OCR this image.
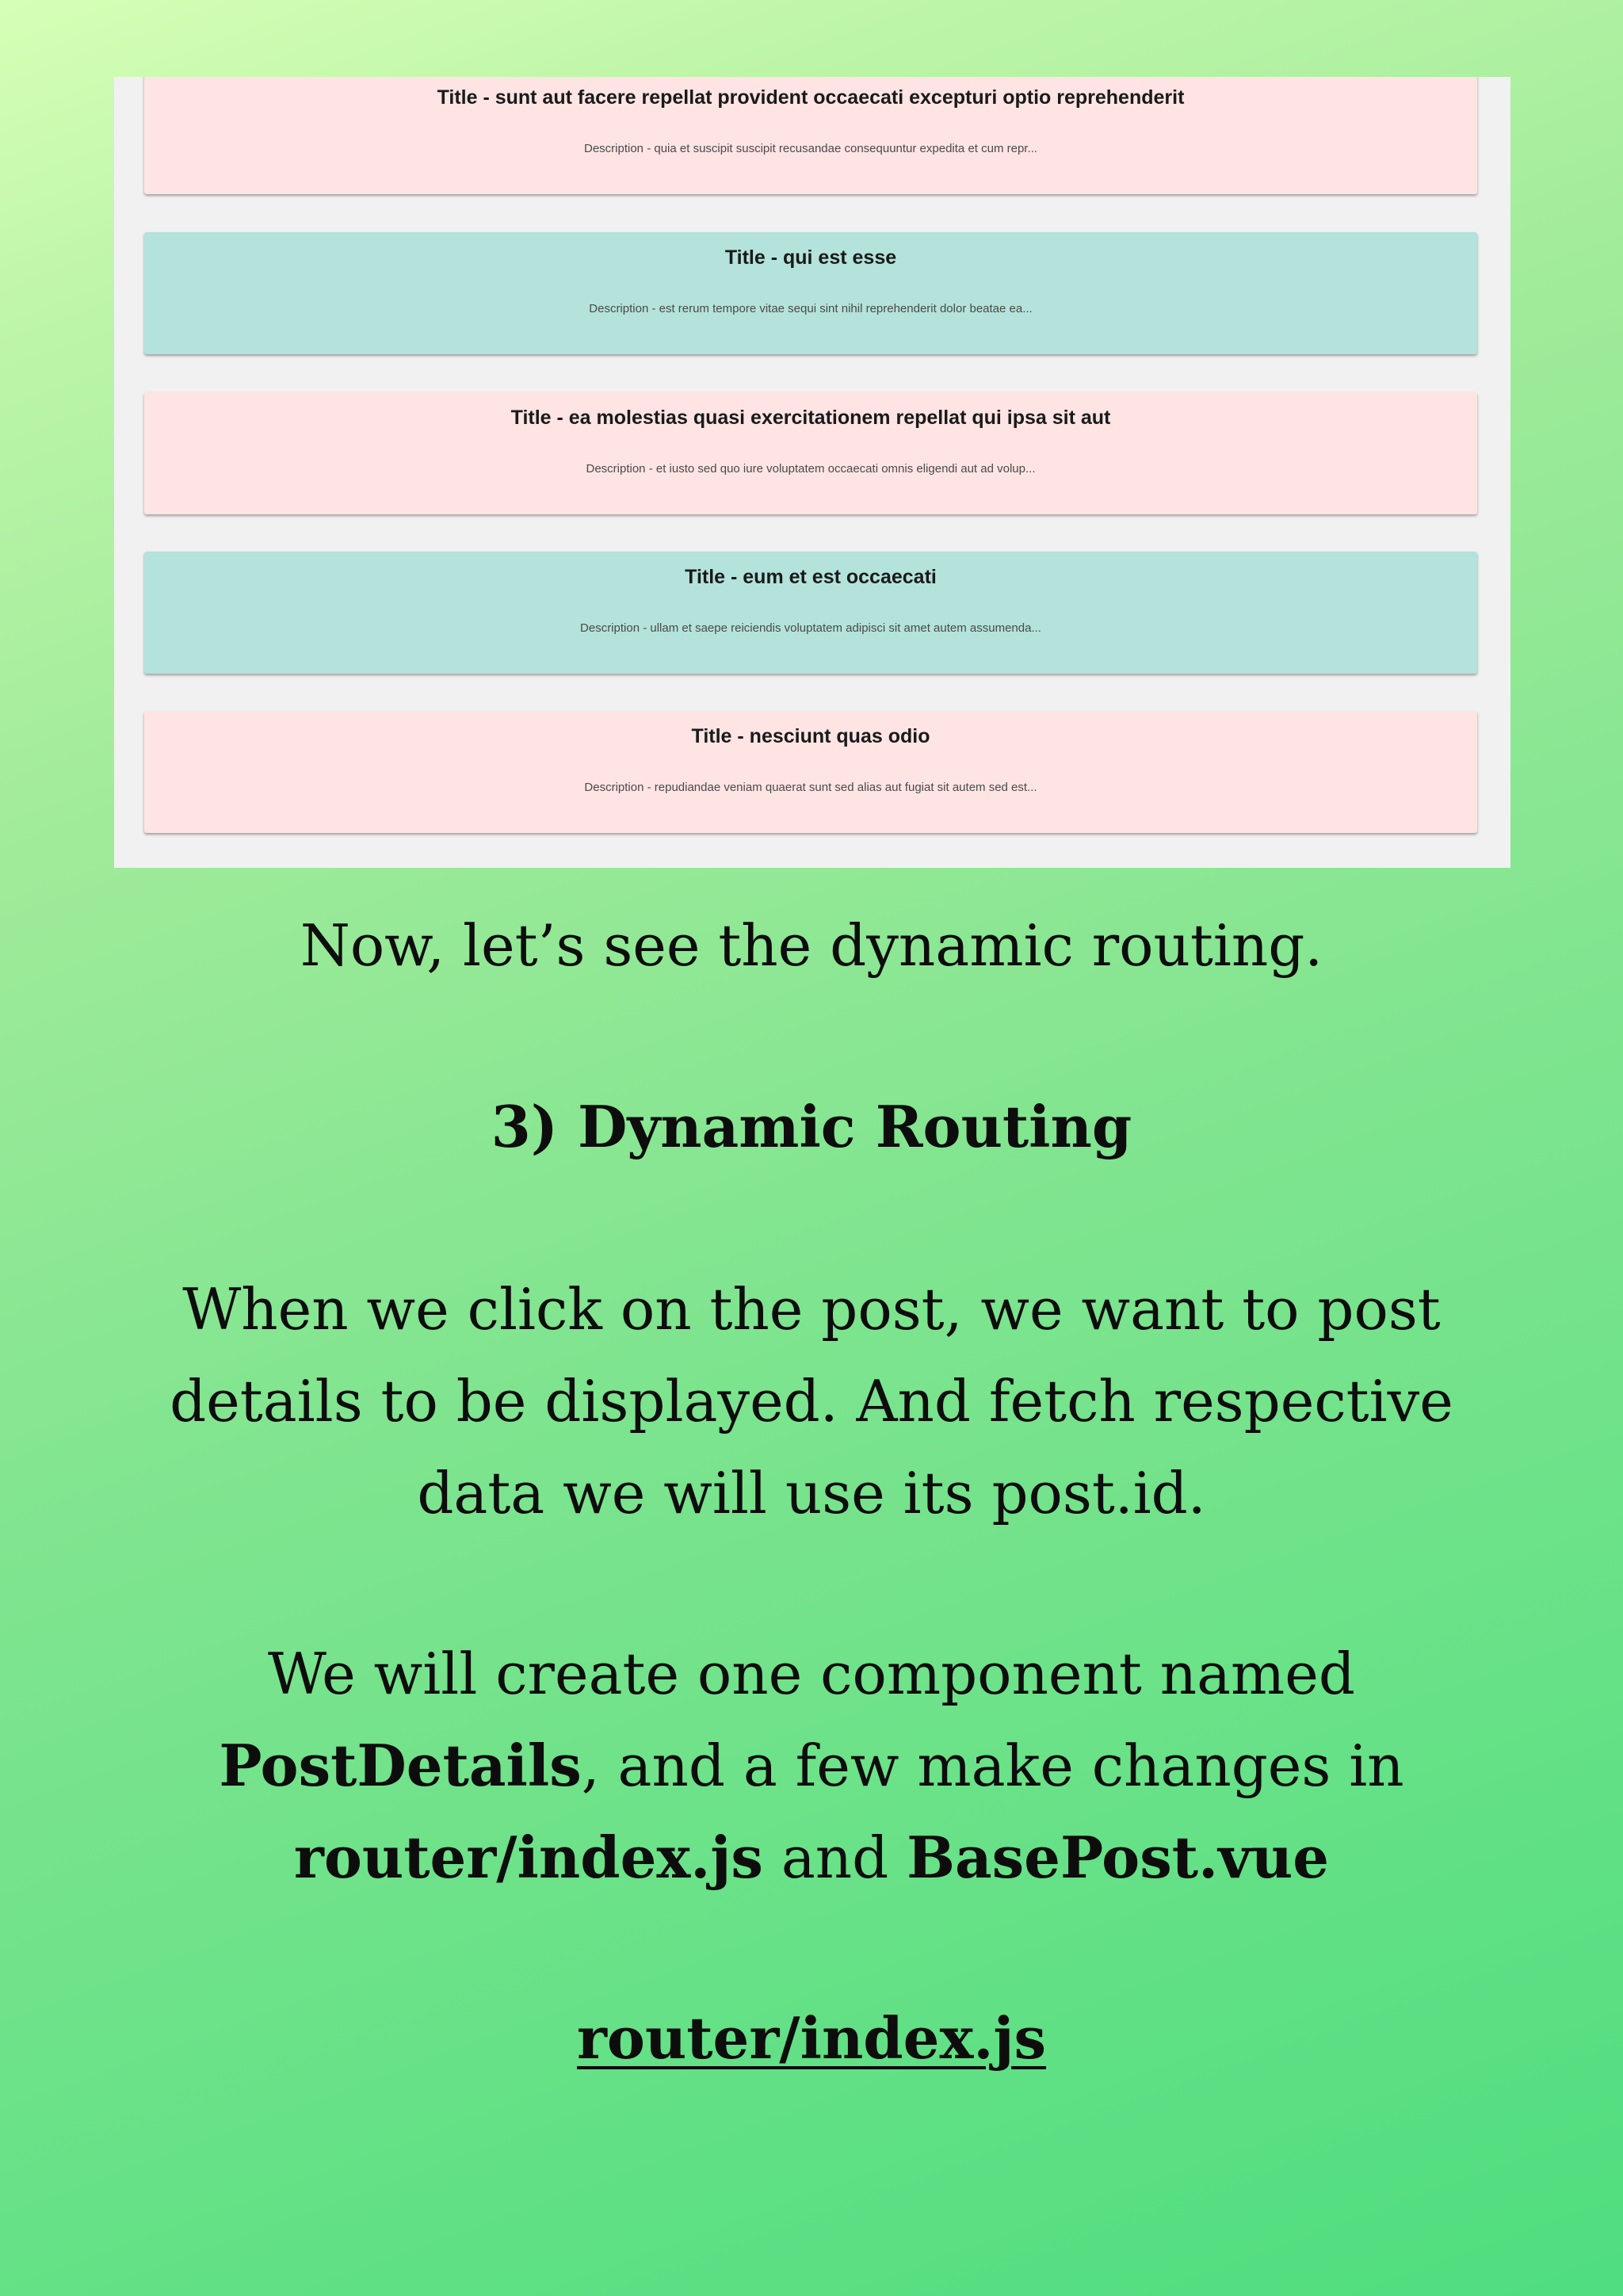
Title - sunt aut facere repellat provident occaecati excepturi optio reprehenderit
Description - quia et suscipit suscipit recusandae consequuntur expedita et cum repr...
Title - qui est esse
Description - est rerum tempore vitae sequi sint nihil reprehenderit dolor beatae ea...
Title - ea molestias quasi exercitationem repellat qui ipsa sit aut
Description - et iusto sed quo iure voluptatem occaecati omnis eligendi aut ad volup...
Title - eum et est occaecati
Description - ullam et saepe reiciendis voluptatem adipisci sit amet autem assumenda...
Title - nesciunt quas odio
Description - repudiandae veniam quaerat sunt sed alias aut fugiat sit autem sed est...
Now, let’s see the dynamic routing.
3) Dynamic Routing
When we click on the post, we want to post
details to be displayed. And fetch respective
data we will use its post.id.
We will create one component named
PostDetails, and a few make changes in
router/index.js and BasePost.vue
router/index.js
